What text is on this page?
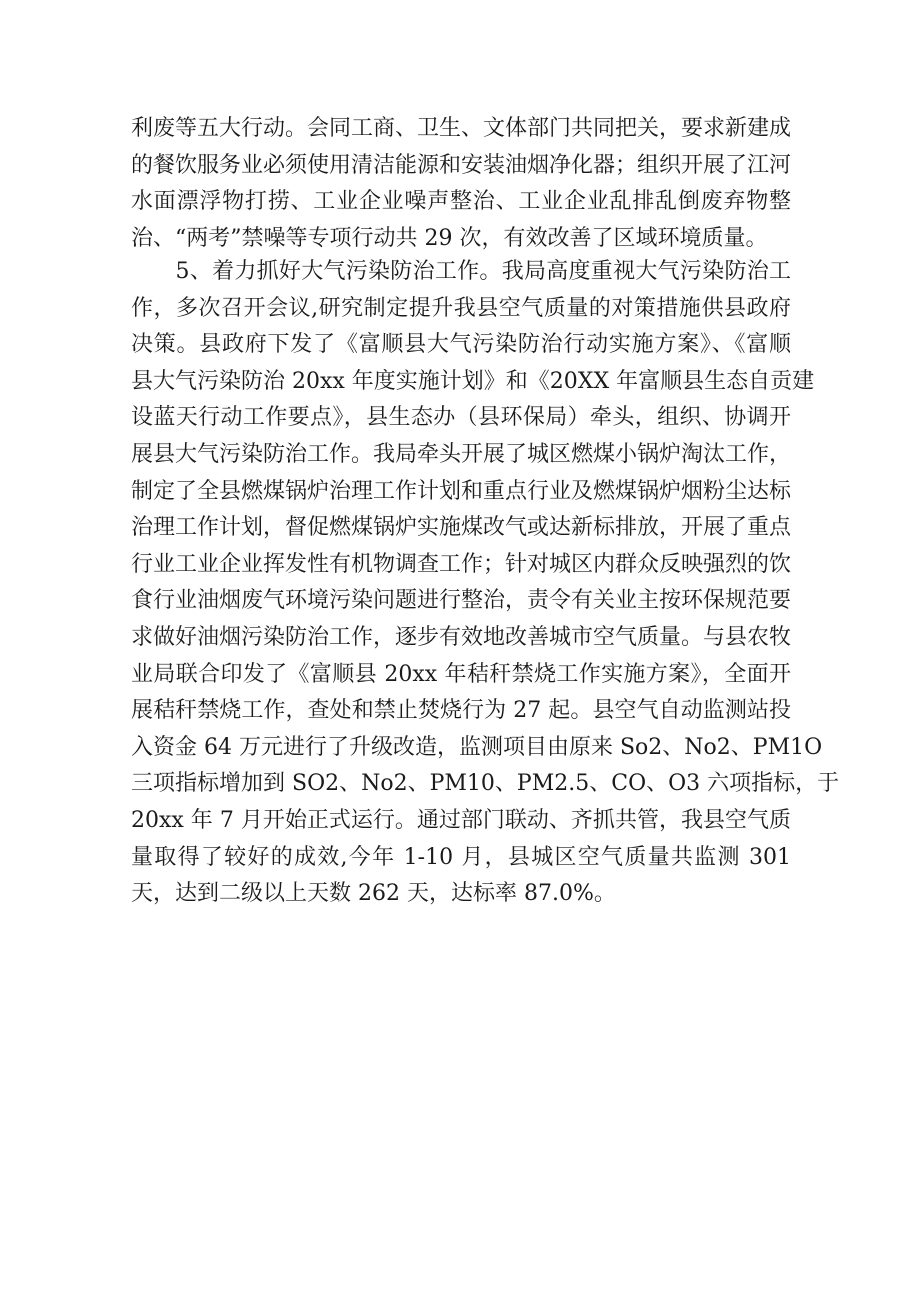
利废等五大行动。会同工商、卫生、文体部门共同把关，要求新建成
的餐饮服务业必须使用清洁能源和安装油烟净化器；组织开展了江河
水面漂浮物打捞、工业企业噪声整治、工业企业乱排乱倒废弃物整
治、“两考”禁噪等专项行动共 29 次，有效改善了区域环境质量。
　　5、着力抓好大气污染防治工作。我局高度重视大气污染防治工
作，多次召开会议,研究制定提升我县空气质量的对策措施供县政府
决策。县政府下发了《富顺县大气污染防治行动实施方案》、《富顺
县大气污染防治 20xx 年度实施计划》和《20XX 年富顺县生态自贡建
设蓝天行动工作要点》，县生态办（县环保局）牵头，组织、协调开
展县大气污染防治工作。我局牵头开展了城区燃煤小锅炉淘汰工作，
制定了全县燃煤锅炉治理工作计划和重点行业及燃煤锅炉烟粉尘达标
治理工作计划，督促燃煤锅炉实施煤改气或达新标排放，开展了重点
行业工业企业挥发性有机物调查工作；针对城区内群众反映强烈的饮
食行业油烟废气环境污染问题进行整治，责令有关业主按环保规范要
求做好油烟污染防治工作，逐步有效地改善城市空气质量。与县农牧
业局联合印发了《富顺县 20xx 年秸秆禁烧工作实施方案》，全面开
展秸秆禁烧工作，查处和禁止焚烧行为 27 起。县空气自动监测站投
入资金 64 万元进行了升级改造，监测项目由原来 So2、No2、PM1O
三项指标增加到 SO2、No2、PM10、PM2.5、CO、O3 六项指标，于
20xx 年 7 月开始正式运行。通过部门联动、齐抓共管，我县空气质
量取得了较好的成效,今年 1-10 月，县城区空气质量共监测 301
天，达到二级以上天数 262 天，达标率 87.0%。
